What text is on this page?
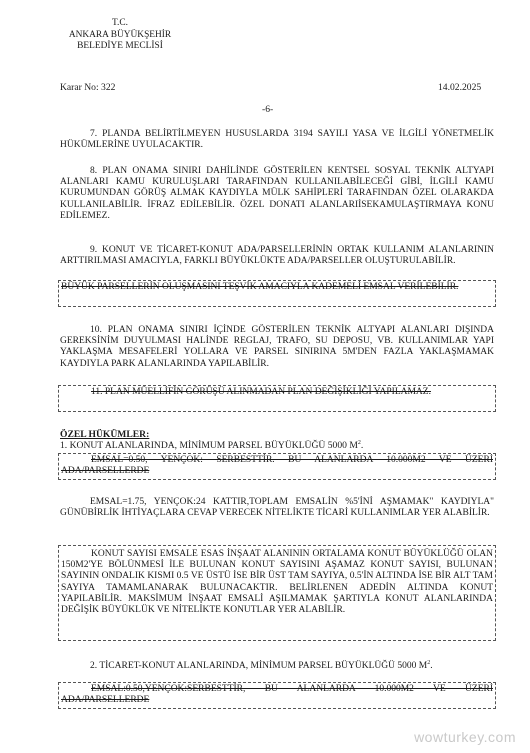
T.C.
ANKARA BÜYÜKŞEHİR
BELEDİYE MECLİSİ
Karar No: 322	14.02.2025
-6-
7. PLANDA BELİRTİLMEYEN HUSUSLARDA 3194 SAYILI YASA VE İLGİLİ YÖNETMELİK HÜKÜMLERİNE UYULACAKTIR.
8. PLAN ONAMA SINIRI DAHİLİNDE GÖSTERİLEN KENTSEL SOSYAL TEKNİK ALTYAPI ALANLARI KAMU KURULUŞLARI TARAFINDAN KULLANILABİLECEĞİ GİBİ, İLGİLİ KAMU KURUMUNDAN GÖRÜŞ ALMAK KAYDIYLA MÜLK SAHİPLERİ TARAFINDAN ÖZEL OLARAKDA KULLANILABİLİR. İFRAZ EDİLEBİLİR. ÖZEL DONATI ALANLARIİSEKAMULAŞTIRMAYA KONU EDİLEMEZ.
9. KONUT VE TİCARET-KONUT ADA/PARSELLERİNİN ORTAK KULLANIM ALANLARININ ARTTIRILMASI AMACIYLA, FARKLI BÜYÜKLÜKTE ADA/PARSELLER OLUŞTURULABİLİR.
BÜYÜK PARSELLERİN OLUŞMASINI TEŞVİK AMACIYLA KADEMELİ EMSAL VERİLEBİLİR.
10. PLAN ONAMA SINIRI İÇİNDE GÖSTERİLEN TEKNİK ALTYAPI ALANLARI DIŞINDA GEREKSİNİM DUYULMASI HALİNDE REGLAJ, TRAFO, SU DEPOSU, VB. KULLANIMLAR YAPI YAKLAŞMA MESAFELERİ YOLLARA VE PARSEL SINIRINA 5M'DEN FAZLA YAKLAŞMAMAK KAYDIYLA PARK ALANLARINDA YAPILABİLİR.
11. PLAN MÜELLİFİN GÖRÜŞÜ ALINMADAN PLAN DEĞİŞİKLİĞİ YAPILAMAZ.
ÖZEL HÜKÜMLER:
1. KONUT ALANLARINDA, MİNİMUM PARSEL BÜYÜKLÜĞÜ 5000 $M^2$.
EMSAL=0.50, YENÇOK: SERBESTTİR. BU ALANLARDA 10.000M2 VE ÜZERİ ADA/PARSELLERDE
EMSAL=1.75, YENÇOK:24 KATTIR,TOPLAM EMSALİN %5'İNİ AŞMAMAK" KAYDIYLA" GÜNÜBİRLİK İHTİYAÇLARA CEVAP VERECEK NİTELİKTE TİCARİ KULLANIMLAR YER ALABİLİR.
KONUT SAYISI EMSALE ESAS İNŞAAT ALANININ ORTALAMA KONUT BÜYÜKLÜĞÜ OLAN 150M2'YE BÖLÜNMESİ İLE BULUNAN KONUT SAYISINI AŞAMAZ KONUT SAYISI, BULUNAN SAYININ ONDALIK KISMI 0.5 VE ÜSTÜ İSE BİR ÜST TAM SAYIYA, 0.5'İN ALTINDA İSE BİR ALT TAM SAYIYA TAMAMLANARAK BULUNACAKTIR. BELİRLENEN ADEDİN ALTINDA KONUT YAPILABİLİR. MAKSİMUM İNŞAAT EMSALİ AŞILMAMAK ŞARTIYLA KONUT ALANLARINDA DEĞİŞİK BÜYÜKLÜK VE NİTELİKTE KONUTLAR YER ALABİLİR.
2. TİCARET-KONUT ALANLARINDA, MİNİMUM PARSEL BÜYÜKLÜĞÜ 5000 $M^2$.
EMSAL:0.50,YENÇOK:SERBESTTİR, BU ALANLARDA 10.000M2 VE ÜZERİ ADA/PARSELLERDE
wowturkey.com
